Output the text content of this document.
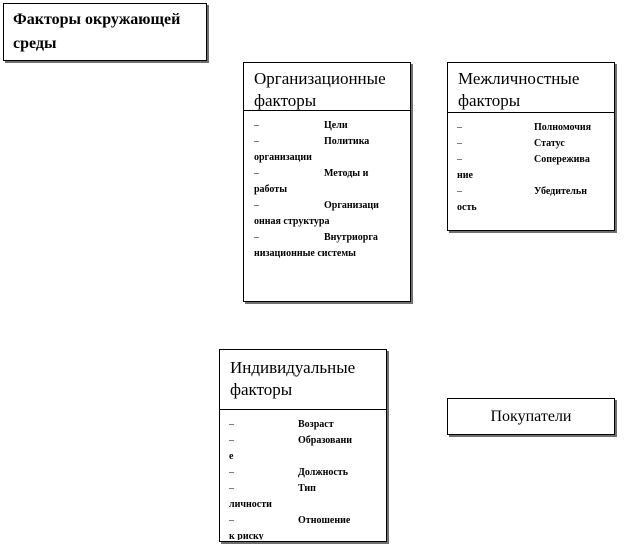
Факторы окружающей
среды
Организационные
факторы
–	Цели
–	Политика
организации
–	Методы и
работы
–	Организаци
онная структура
–	Внутриорга
низационные системы
Межличностные
факторы
–	Полномочия
–	Статус
–	Сопережива
ние
–	Убедительн
ость
Индивидуальные
факторы
–	Возраст
–	Образовани
е
–	Должность
–	Тип
личности
–	Отношение
к риску
Покупатели
